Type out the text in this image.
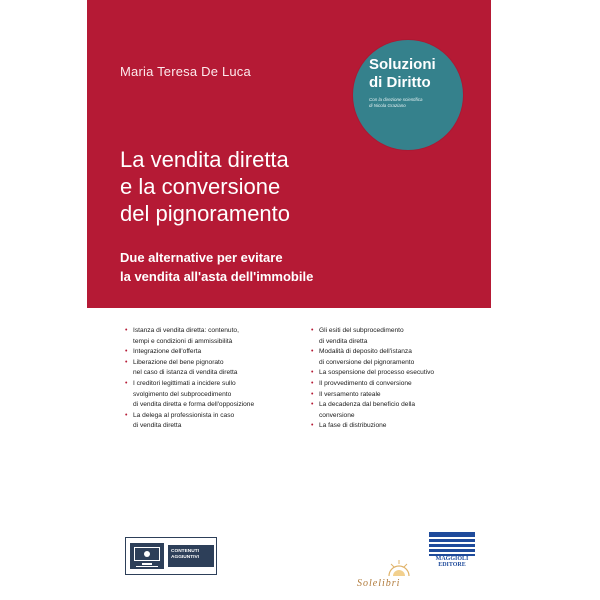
Maria Teresa De Luca	Soluzioni
di Diritto
Con la direzione scientifica
di Nicola Graziano
La vendita diretta
e la conversione
del pignoramento
Due alternative per evitare
la vendita all'asta dell'immobile
• Istanza di vendita diretta: contenuto,
tempi e condizioni di ammissibilità
• Integrazione dell'offerta
• Liberazione del bene pignorato
nel caso di istanza di vendita diretta
• I creditori legittimati a incidere sullo
svolgimento del subprocedimento
di vendita diretta e forma dell'opposizione
• La delega al professionista in caso
di vendita diretta
• Gli esiti del subprocedimento
di vendita diretta
• Modalità di deposito dell'istanza
di conversione del pignoramento
• La sospensione del processo esecutivo
• Il provvedimento di conversione
• Il versamento rateale
• La decadenza dal beneficio della
conversione
• La fase di distribuzione
CONTENUTI
AGGIUNTIVI
Solelibri
MAGGIOLI
EDITORE
